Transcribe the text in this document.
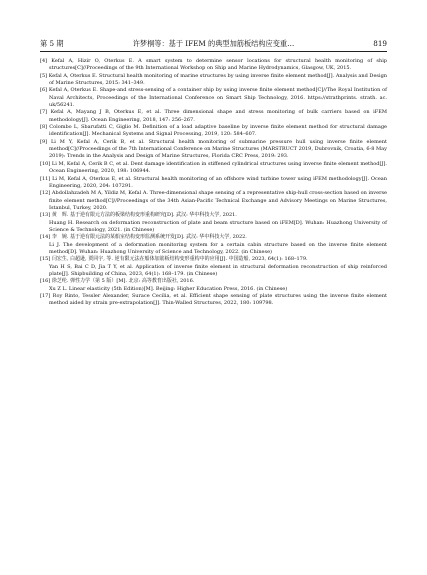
第 5 期	许梦桐等：基于 IFEM 的典型加筋板结构应变重…	819

[4] Kefal A, Hizir O, Oterkus E. A smart system to determine sensor locations for structural health monitoring of ship structures[C]//Proceedings of the 9th International Workshop on Ship and Marine Hydrodynamics, Glasgow, UK, 2015.

[5] Kefal A, Oterkus E. Structural health monitoring of marine structures by using inverse finite element method[J]. Analysis and Design of Marine Structures, 2015: 341–349.

[6] Kefal A, Oterkus E. Shape-and stress-sensing of a container ship by using inverse finite element method[C]//The Royal Institution of Naval Architects, Proceedings of the International Conference on Smart Ship Technology, 2016. https://strathprints. strath. ac. uk/56241.

[7] Kefal A, Mayang J B, Oterkus E, et al. Three dimensional shape and stress monitoring of bulk carriers based on iFEM methodology[J]. Ocean Engineering, 2018, 147: 256–267.

[8] Colombo L, Sbarufatti C, Giglio M. Definition of a load adaptive baseline by inverse finite element method for structural damage identification[J]. Mechanical Systems and Signal Processing, 2019, 120: 584–607.

[9] Li M Y, Kefal A, Cerik B, et al. Structural health monitoring of submarine pressure hull using inverse finite element method[C]//Proceedings of the 7th International Conference on Marine Structures (MARSTRUCT 2019, Dubrovnik, Croatia, 6-8 May 2019): Trends in the Analysis and Design of Marine Structures, Florida CRC Press, 2019: 293.

[10] Li M, Kefal A, Cerik B C, et al. Dent damage identification in stiffened cylindrical structures using inverse finite element method[J]. Ocean Engineering, 2020, 198: 106944.

[11] Li M, Kefal A, Oterkus E, et al. Structural health monitoring of an offshore wind turbine tower using iFEM methodology[J]. Ocean Engineering, 2020, 204: 107291.

[12] Abdollahzadeh M A, Yildiz M, Kefal A. Three-dimensional shape sensing of a representative ship-hull cross-section based on inverse finite element method[C]//Proceedings of the 34th Asian-Pacific Technical Exchange and Advisory Meetings on Marine Structures, Istanbul, Turkey, 2020.

[13] 黄　辉. 基于逆有限元方法的板梁结构变形重构研究[D]. 武汉: 华中科技大学, 2021.

Huang H. Research on deformation reconstruction of plate and beam structure based on iFEM[D]. Wuhan: Huazhong University of Science & Technology, 2021. (in Chinese)

[14] 李　婉. 基于逆有限元法的某船室结构变形监测系统开发[D]. 武汉: 华中科技大学, 2022.

Li J. The development of a deformation monitoring system for a certain cabin structure based on the inverse finite element method[D]. Wuhan: Huazhong University of Science and Technology, 2022. (in Chinese)

[15] 闫宏生, 白超逊, 贾同宇, 等. 逆有限元法在船体加筋板结构变形重构中的应用[J]. 中国造船, 2023, 64(1): 168–179.

Yan H S, Bai C D, Jia T Y, et al. Application of inverse finite element in structural deformation reconstruction of ship reinforced plate[J]. Shipbuilding of China, 2023, 64(1): 168–179. (in Chinese)

[16] 徐芝纶. 弹性力学（第 5 版）[M]. 北京: 高等教育出版社, 2016.

Xu Z L. Linear elasticity (5th Edition)[M]. Beijing: Higher Education Press, 2016. (in Chinese)

[17] Roy Rinto, Tessler Alexander, Surace Cecilia, et al. Efficient shape sensing of plate structures using the inverse finite element method aided by strain pre-extrapolation[J]. Thin-Walled Structures, 2022, 180: 109798.
